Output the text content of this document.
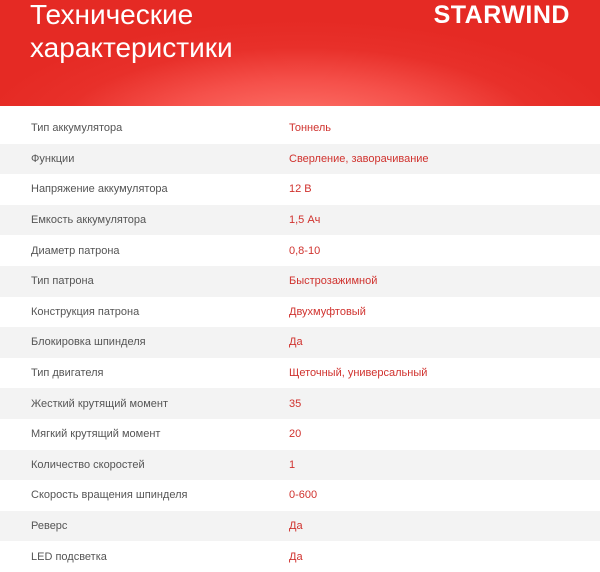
Технические
характеристики
STARWIND
Тип аккумулятора	Тоннель
Функции	Сверление, заворачивание
Напряжение аккумулятора	12 В
Емкость аккумулятора	1,5 Ач
Диаметр патрона	0,8-10
Тип патрона	Быстрозажимной
Конструкция патрона	Двухмуфтовый
Блокировка шпинделя	Да
Тип двигателя	Щеточный, универсальный
Жесткий крутящий момент	35
Мягкий крутящий момент	20
Количество скоростей	1
Скорость вращения шпинделя	0-600
Реверс	Да
LED подсветка	Да
